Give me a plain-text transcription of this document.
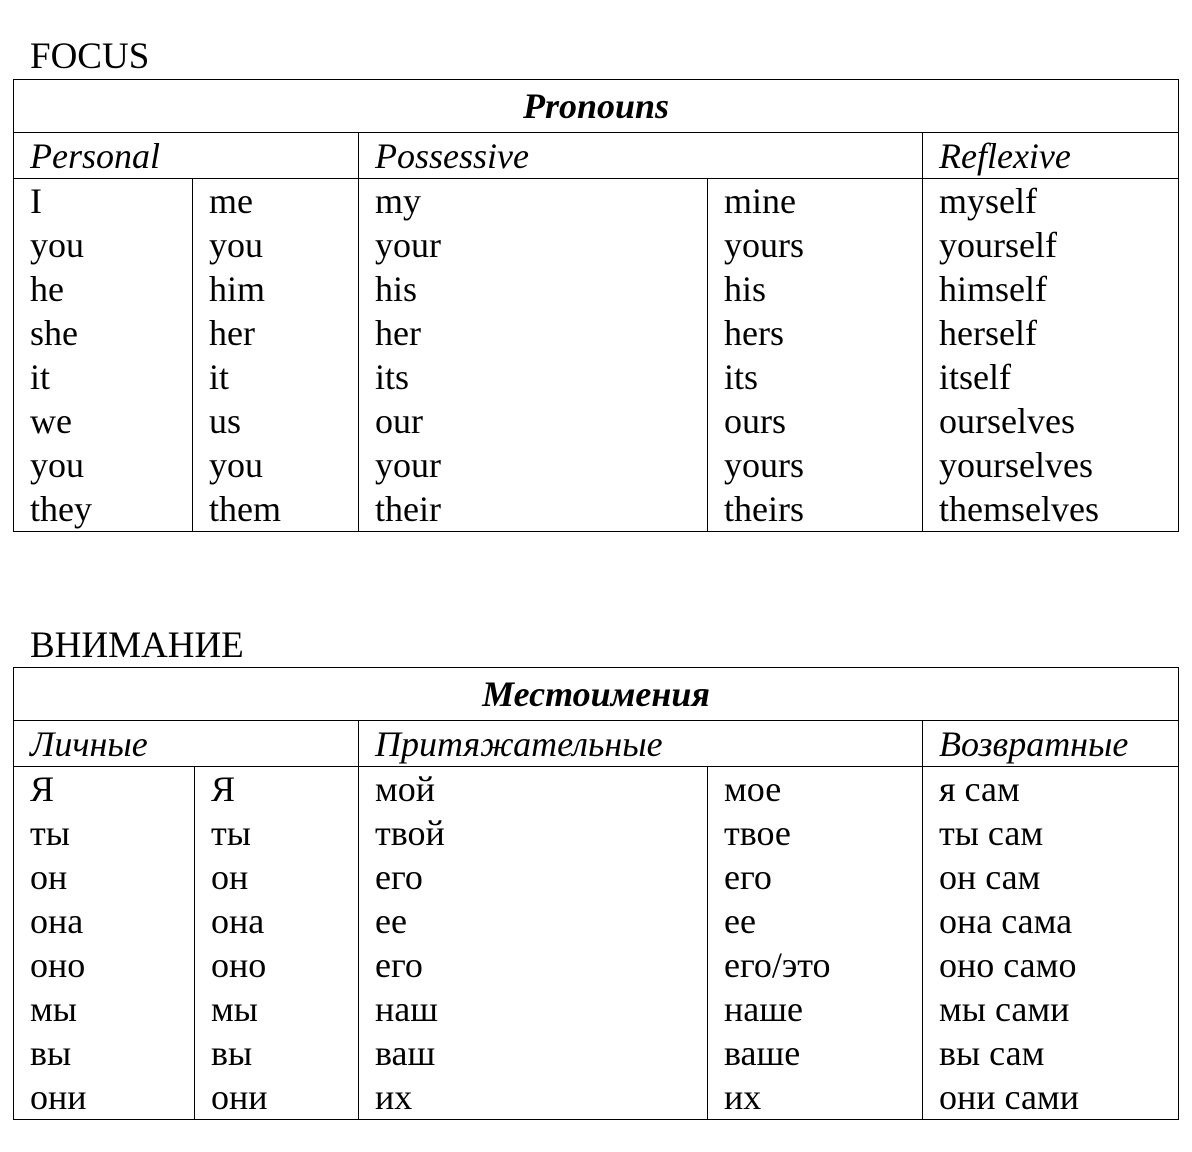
FOCUS
Pronouns				
Personal		Possessive		Reflexive
I	me	my	mine	myself
you	you	your	yours	yourself
he	him	his	his	himself
she	her	her	hers	herself
it	it	its	its	itself
we	us	our	ours	ourselves
you	you	your	yours	yourselves
they	them	their	theirs	themselves
ВНИМАНИЕ
Местоимения				
Личные		Притяжательные		Возвратные
Я	Я	мой	мое	я сам
ты	ты	твой	твое	ты сам
он	он	его	его	он сам
она	она	ее	ее	она сама
оно	оно	его	его/это	оно само
мы	мы	наш	наше	мы сами
вы	вы	ваш	ваше	вы сам
они	они	их	их	они сами
